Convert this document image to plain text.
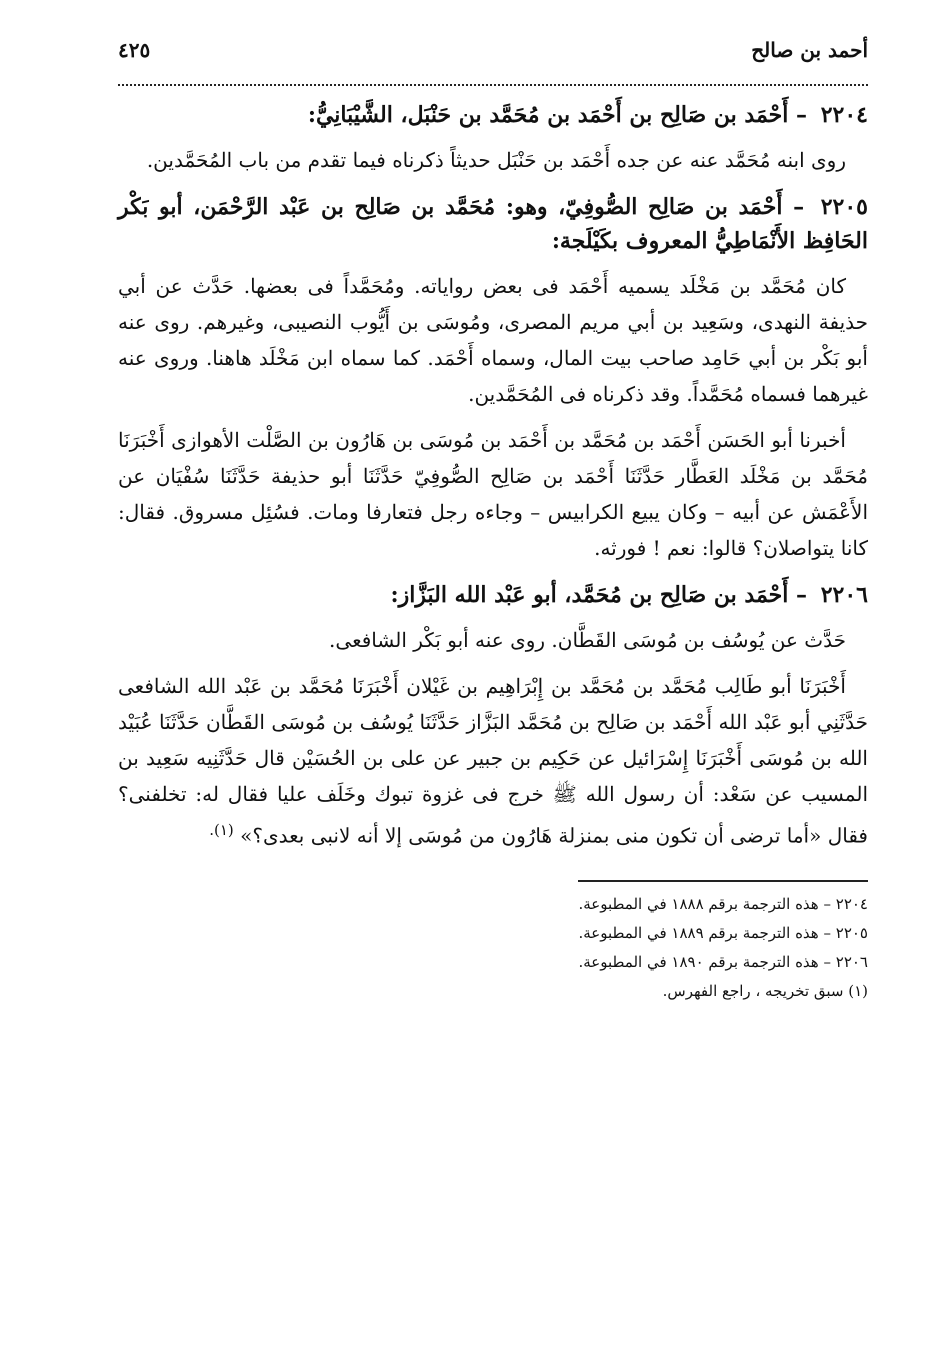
أحمد بن صالح
٤٢٥
٢٢٠٤ – أَحْمَد بن صَالِح بن أَحْمَد بن مُحَمَّد بن حَنْبَل، الشَّيْبَانِيُّ:

روى ابنه مُحَمَّد عنه عن جده أَحْمَد بن حَنْبَل حديثاً ذكرناه فيما تقدم من باب المُحَمَّدين.

٢٢٠٥ – أَحْمَد بن صَالِح الصُّوفِيّ، وهو: مُحَمَّد بن صَالِح بن عَبْد الرَّحْمَن، أبو بَكْر الحَافِظ الأَنْمَاطِيُّ المعروف بكَيْلَجة:

كان مُحَمَّد بن مَخْلَد يسميه أَحْمَد فى بعض رواياته. ومُحَمَّداً فى بعضها. حَدَّث عن أبي حذيفة النهدى، وسَعِيد بن أبي مريم المصرى، ومُوسَى بن أَيُّوب النصيبى، وغيرهم. روى عنه أبو بَكْر بن أبي حَامِد صاحب بيت المال، وسماه أَحْمَد. كما سماه ابن مَخْلَد هاهنا. وروى عنه غيرهما فسماه مُحَمَّداً. وقد ذكرناه فى المُحَمَّدين.

أخبرنا أبو الحَسَن أَحْمَد بن مُحَمَّد بن أَحْمَد بن مُوسَى بن هَارُون بن الصَّلْت الأهوازى أَخْبَرَنَا مُحَمَّد بن مَخْلَد العَطَّار حَدَّثَنَا أَحْمَد بن صَالِح الصُّوفِيّ حَدَّثَنَا أبو حذيفة حَدَّثَنَا سُفْيَان عن الأَعْمَش عن أبيه – وكان يبيع الكرابيس – وجاءه رجل فتعارفا ومات. فسُئِل مسروق. فقال: كانا يتواصلان؟ قالوا: نعم ! فورثه.

٢٢٠٦ – أَحْمَد بن صَالِح بن مُحَمَّد، أبو عَبْد الله البَزَّاز:

حَدَّث عن يُوسُف بن مُوسَى القَطَّان. روى عنه أبو بَكْر الشافعى.

أَخْبَرَنَا أبو طَالِب مُحَمَّد بن مُحَمَّد بن إِبْرَاهِيم بن غَيْلان أَخْبَرَنَا مُحَمَّد بن عَبْد الله الشافعى حَدَّثَنِي أبو عَبْد الله أَحْمَد بن صَالِح بن مُحَمَّد البَزَّاز حَدَّثَنَا يُوسُف بن مُوسَى القَطَّان حَدَّثَنَا عُبَيْد الله بن مُوسَى أَخْبَرَنَا إِسْرَائيل عن حَكِيم بن جبير عن على بن الحُسَيْن قال حَدَّثَنِيه سَعِيد بن المسيب عن سَعْد: أن رسول الله ﷺ خرج فى غزوة تبوك وخَلَف عليا فقال له: تخلفنى؟ فقال «أما ترضى أن تكون منى بمنزلة هَارُون من مُوسَى إلا أنه لانبى بعدى؟» $^{(١).}$

٢٢٠٤ – هذه الترجمة برقم ١٨٨٨ في المطبوعة.
٢٢٠٥ – هذه الترجمة برقم ١٨٨٩ في المطبوعة.
٢٢٠٦ – هذه الترجمة برقم ١٨٩٠ في المطبوعة.
(١) سبق تخريجه ، راجع الفهرس.
